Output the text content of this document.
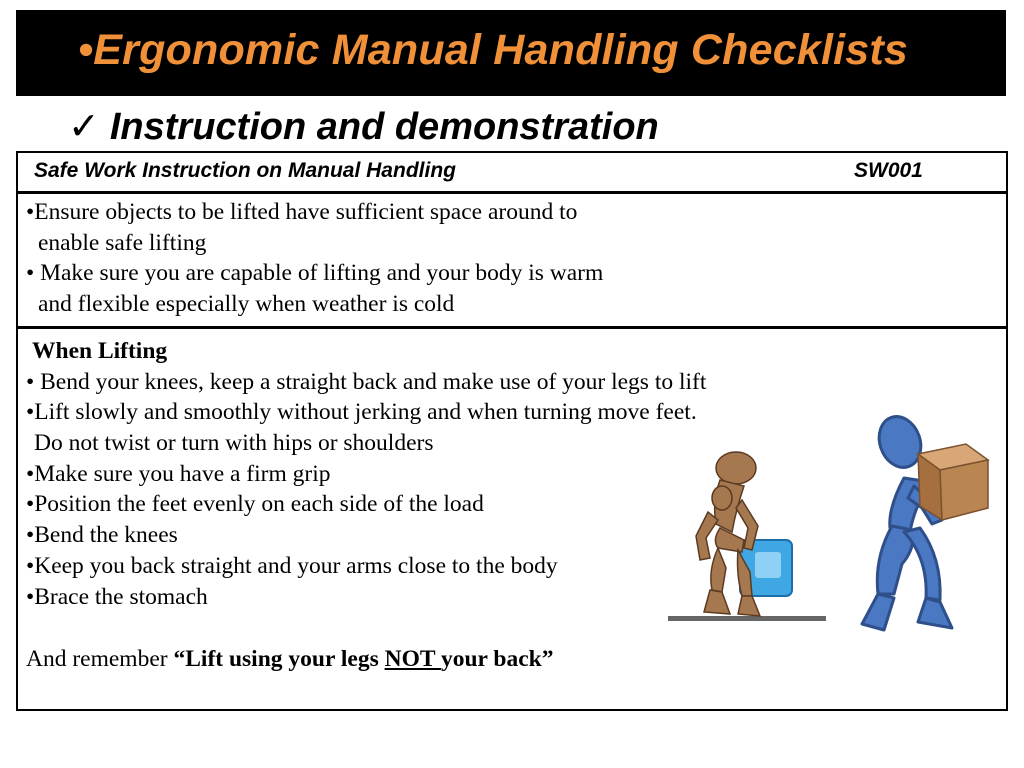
•Ergonomic Manual Handling Checklists
✓ Instruction and demonstration
Safe Work Instruction on Manual Handling	SW001
•Ensure objects to be lifted have sufficient space around to
enable safe lifting
• Make sure you are capable of lifting and your body is warm
and flexible especially when weather is cold
When Lifting
• Bend your knees, keep a straight back and make use of your legs to lift
•Lift slowly and smoothly without jerking and when turning move feet.
Do not twist or turn with hips or shoulders
•Make sure you have a firm grip
•Position the feet evenly on each side of the load
•Bend the knees
•Keep you back straight and your arms close to the body
•Brace the stomach
And remember “Lift using your legs NOT your back”
